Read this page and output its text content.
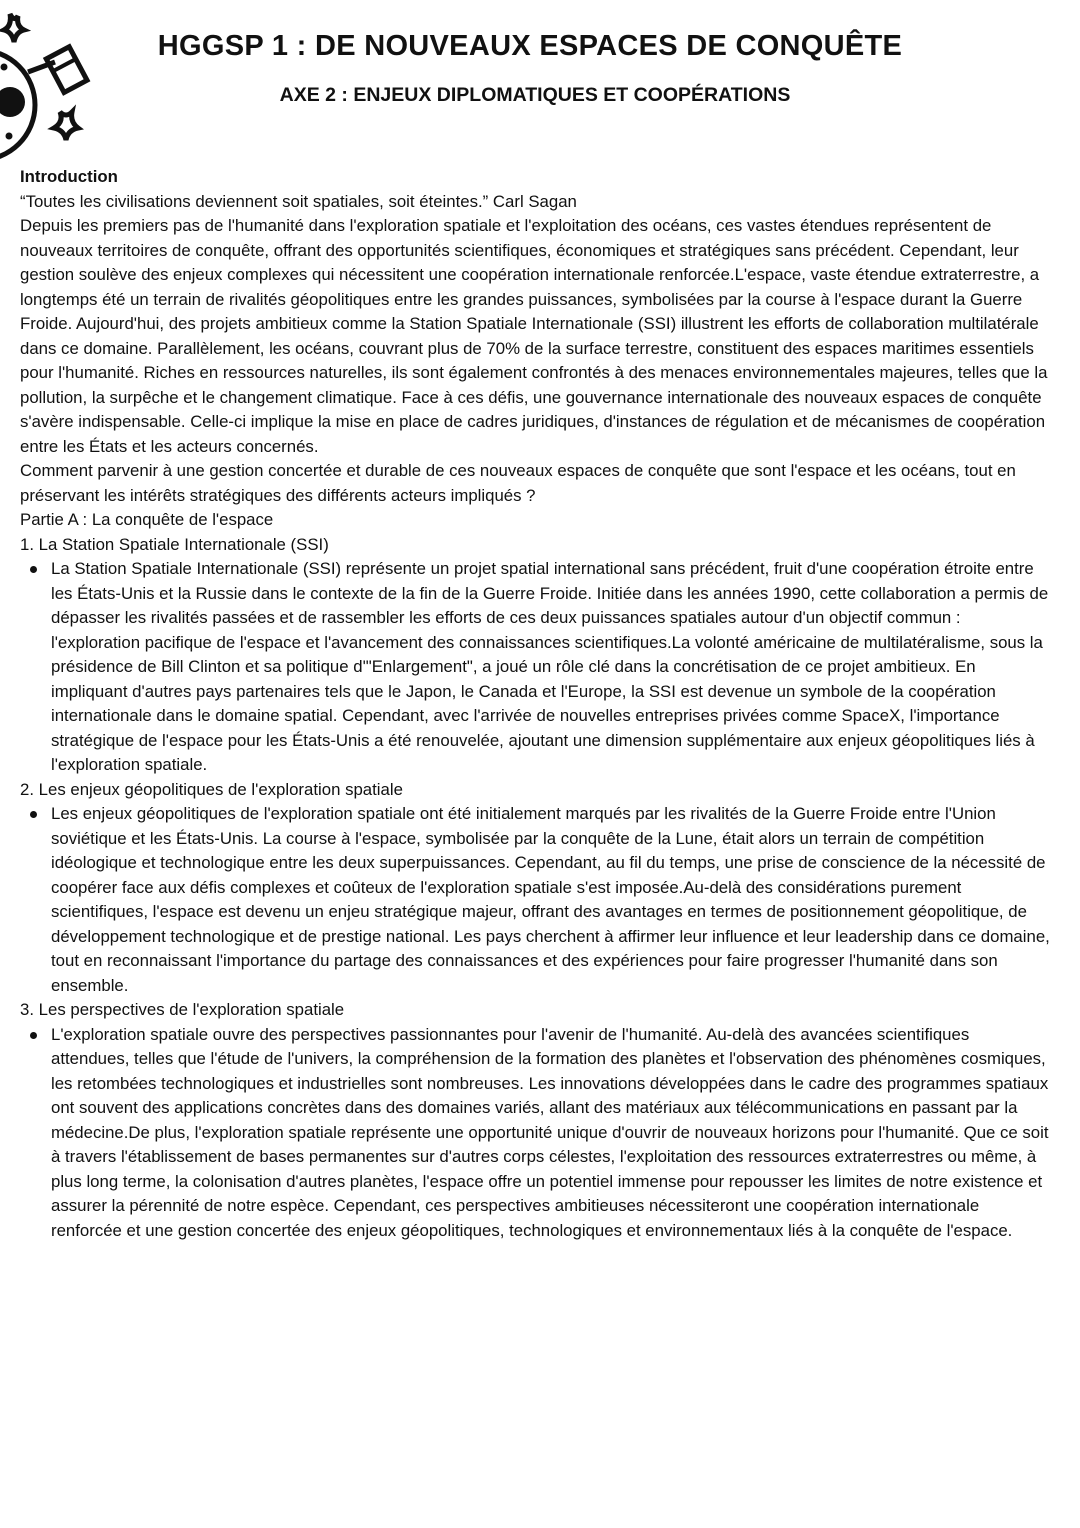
HGGSP 1 : DE NOUVEAUX ESPACES DE CONQUÊTE
AXE 2 : ENJEUX DIPLOMATIQUES ET COOPÉRATIONS

Introduction

“Toutes les civilisations deviennent soit spatiales, soit éteintes.” Carl Sagan

Depuis les premiers pas de l'humanité dans l'exploration spatiale et l'exploitation des océans, ces vastes étendues représentent de nouveaux territoires de conquête, offrant des opportunités scientifiques, économiques et stratégiques sans précédent. Cependant, leur gestion soulève des enjeux complexes qui nécessitent une coopération internationale renforcée.L'espace, vaste étendue extraterrestre, a longtemps été un terrain de rivalités géopolitiques entre les grandes puissances, symbolisées par la course à l'espace durant la Guerre Froide. Aujourd'hui, des projets ambitieux comme la Station Spatiale Internationale (SSI) illustrent les efforts de collaboration multilatérale dans ce domaine. Parallèlement, les océans, couvrant plus de 70% de la surface terrestre, constituent des espaces maritimes essentiels pour l'humanité. Riches en ressources naturelles, ils sont également confrontés à des menaces environnementales majeures, telles que la pollution, la surpêche et le changement climatique. Face à ces défis, une gouvernance internationale des nouveaux espaces de conquête s'avère indispensable. Celle-ci implique la mise en place de cadres juridiques, d'instances de régulation et de mécanismes de coopération entre les États et les acteurs concernés.

Comment parvenir à une gestion concertée et durable de ces nouveaux espaces de conquête que sont l'espace et les océans, tout en préservant les intérêts stratégiques des différents acteurs impliqués ?

Partie A : La conquête de l'espace

1. La Station Spatiale Internationale (SSI)

La Station Spatiale Internationale (SSI) représente un projet spatial international sans précédent, fruit d'une coopération étroite entre les États-Unis et la Russie dans le contexte de la fin de la Guerre Froide. Initiée dans les années 1990, cette collaboration a permis de dépasser les rivalités passées et de rassembler les efforts de ces deux puissances spatiales autour d'un objectif commun : l'exploration pacifique de l'espace et l'avancement des connaissances scientifiques.La volonté américaine de multilatéralisme, sous la présidence de Bill Clinton et sa politique d'"Enlargement", a joué un rôle clé dans la concrétisation de ce projet ambitieux. En impliquant d'autres pays partenaires tels que le Japon, le Canada et l'Europe, la SSI est devenue un symbole de la coopération internationale dans le domaine spatial. Cependant, avec l'arrivée de nouvelles entreprises privées comme SpaceX, l'importance stratégique de l'espace pour les États-Unis a été renouvelée, ajoutant une dimension supplémentaire aux enjeux géopolitiques liés à l'exploration spatiale.

2. Les enjeux géopolitiques de l'exploration spatiale

Les enjeux géopolitiques de l'exploration spatiale ont été initialement marqués par les rivalités de la Guerre Froide entre l'Union soviétique et les États-Unis. La course à l'espace, symbolisée par la conquête de la Lune, était alors un terrain de compétition idéologique et technologique entre les deux superpuissances. Cependant, au fil du temps, une prise de conscience de la nécessité de coopérer face aux défis complexes et coûteux de l'exploration spatiale s'est imposée.Au-delà des considérations purement scientifiques, l'espace est devenu un enjeu stratégique majeur, offrant des avantages en termes de positionnement géopolitique, de développement technologique et de prestige national. Les pays cherchent à affirmer leur influence et leur leadership dans ce domaine, tout en reconnaissant l'importance du partage des connaissances et des expériences pour faire progresser l'humanité dans son ensemble.

3. Les perspectives de l'exploration spatiale

L'exploration spatiale ouvre des perspectives passionnantes pour l'avenir de l'humanité. Au-delà des avancées scientifiques attendues, telles que l'étude de l'univers, la compréhension de la formation des planètes et l'observation des phénomènes cosmiques, les retombées technologiques et industrielles sont nombreuses. Les innovations développées dans le cadre des programmes spatiaux ont souvent des applications concrètes dans des domaines variés, allant des matériaux aux télécommunications en passant par la médecine.De plus, l'exploration spatiale représente une opportunité unique d'ouvrir de nouveaux horizons pour l'humanité. Que ce soit à travers l'établissement de bases permanentes sur d'autres corps célestes, l'exploitation des ressources extraterrestres ou même, à plus long terme, la colonisation d'autres planètes, l'espace offre un potentiel immense pour repousser les limites de notre existence et assurer la pérennité de notre espèce. Cependant, ces perspectives ambitieuses nécessiteront une coopération internationale renforcée et une gestion concertée des enjeux géopolitiques, technologiques et environnementaux liés à la conquête de l'espace.
